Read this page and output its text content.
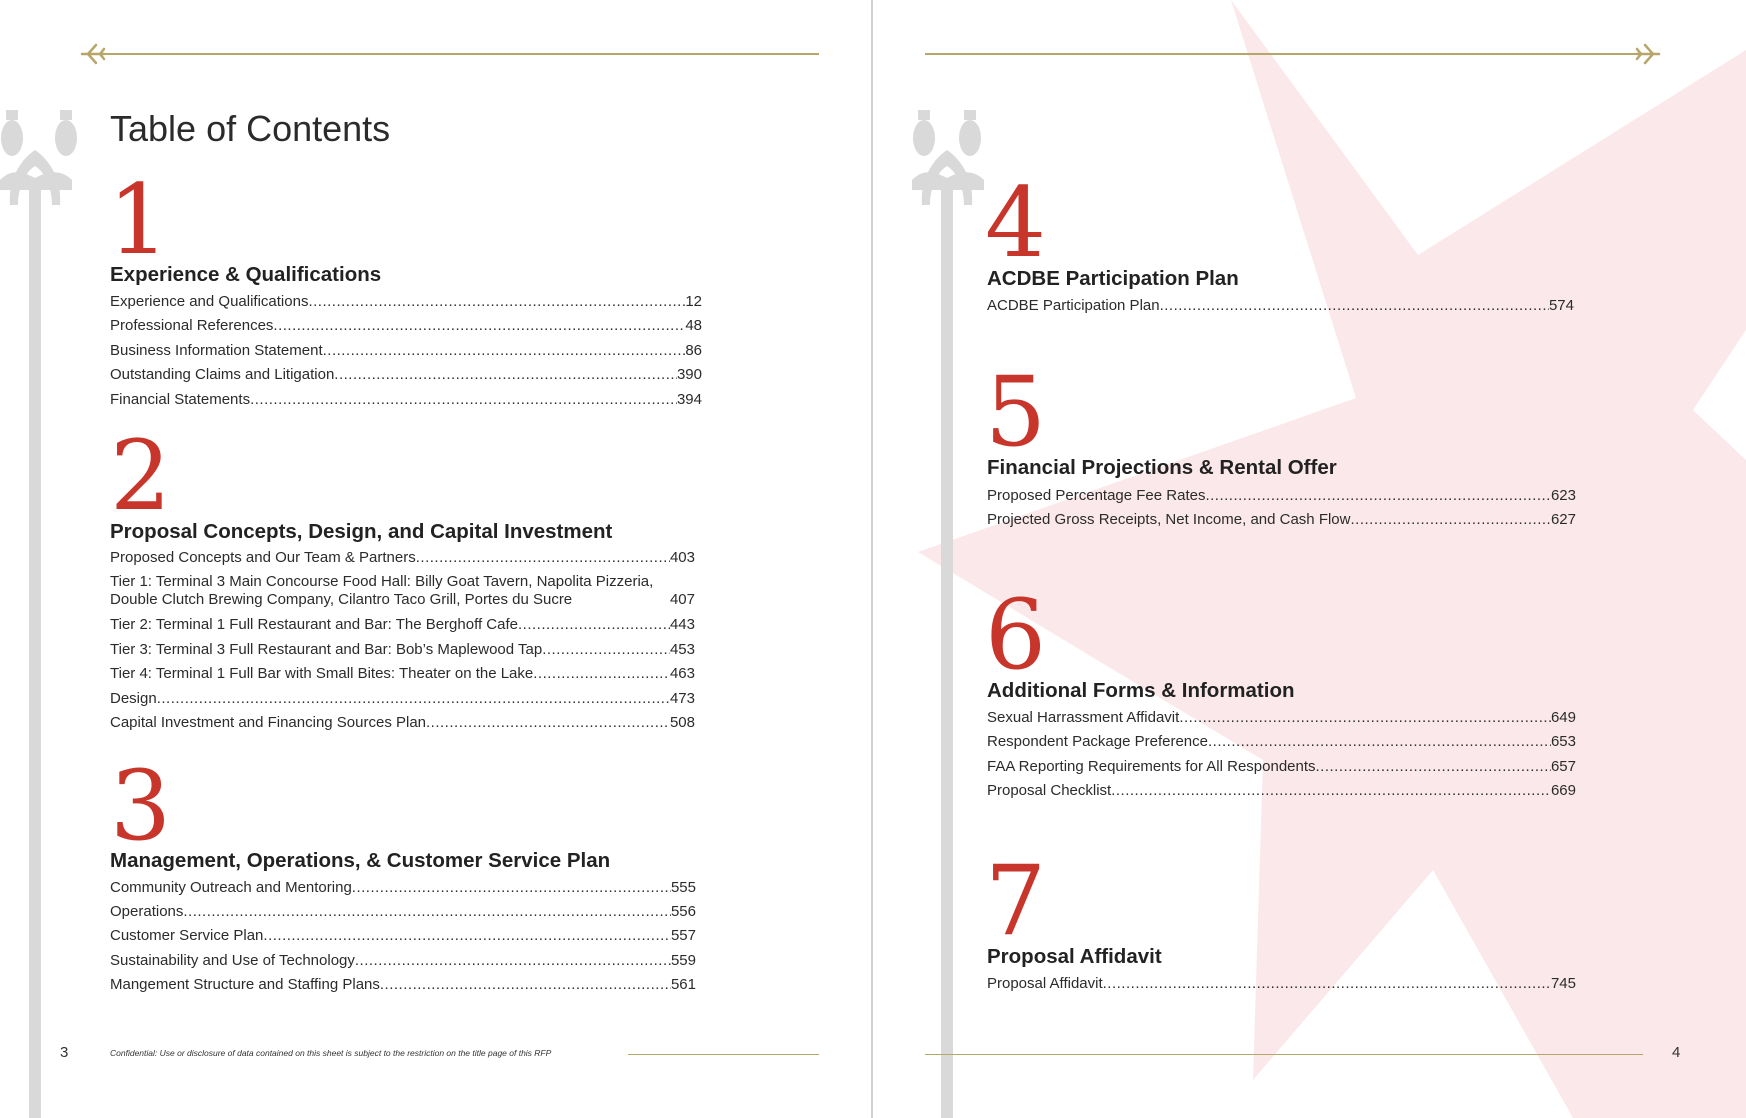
Table of Contents
1
Experience & Qualifications
Experience and Qualifications .....	12
Professional References .....	48
Business Information Statement .....	86
Outstanding Claims and Litigation .....	390
Financial Statements .....	394
2
Proposal Concepts, Design, and Capital Investment
Proposed Concepts and Our Team & Partners .....	403
Tier 1: Terminal 3 Main Concourse Food Hall: Billy Goat Tavern, Napolita Pizzeria,
Double Clutch Brewing Company, Cilantro Taco Grill, Portes du Sucre	407
Tier 2: Terminal 1 Full Restaurant and Bar: The Berghoff Cafe .....	443
Tier 3: Terminal 3 Full Restaurant and Bar: Bob’s Maplewood Tap .....	453
Tier 4: Terminal 1 Full Bar with Small Bites: Theater on the Lake .....	463
Design .....	473
Capital Investment and Financing Sources Plan .....	508
3
Management, Operations, & Customer Service Plan
Community Outreach and Mentoring .....	555
Operations .....	556
Customer Service Plan .....	557
Sustainability and Use of Technology .....	559
Mangement Structure and Staffing Plans .....	561
3	Confidential: Use or disclosure of data contained on this sheet is subject to the restriction on the title page of this RFP
4
ACDBE Participation Plan
ACDBE Participation Plan .....	574
5
Financial Projections & Rental Offer
Proposed Percentage Fee Rates .....	623
Projected Gross Receipts, Net Income, and Cash Flow .....	627
6
Additional Forms & Information
Sexual Harrassment Affidavit .....	649
Respondent Package Preference .....	653
FAA Reporting Requirements for All Respondents .....	657
Proposal Checklist .....	669
7
Proposal Affidavit
Proposal Affidavit .....	745
4
